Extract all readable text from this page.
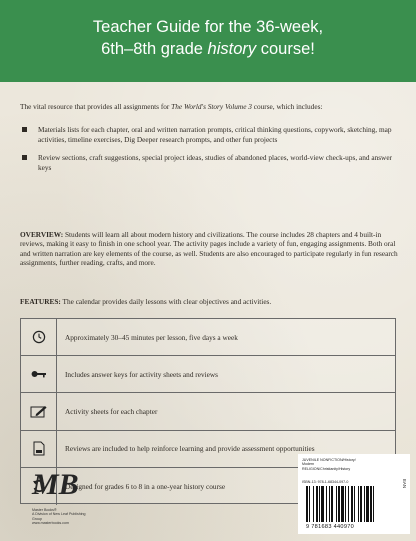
Teacher Guide for the 36-week,
6th–8th grade history course!

The vital resource that provides all assignments for The World's Story Volume 3 course, which includes:

Materials lists for each chapter, oral and written narration prompts, critical thinking questions, copywork, sketching, map activities, timeline exercises, Dig Deeper research prompts, and other fun projects
Review sections, craft suggestions, special project ideas, studies of abandoned places, world-view check-ups, and answer keys

OVERVIEW: Students will learn all about modern history and civilizations. The course includes 28 chapters and 4 built-in reviews, making it easy to finish in one school year. The activity pages include a variety of fun, engaging assignments. Both oral and written narration are key elements of the course, as well. Students are also encouraged to participate regularly in fun research assignments, further reading, crafts, and more.

FEATURES: The calendar provides daily lessons with clear objectives and activities.

Approximately 30–45 minutes per lesson, five days a week
Includes answer keys for activity sheets and reviews
Activity sheets for each chapter
Reviews are included to help reinforce learning and provide assessment opportunities
Designed for grades 6 to 8 in a one-year history course
MB
Master Books®
A Division of New Leaf Publishing Group
www.masterbooks.com
JUVENILE NONFICTION/History/
Modern
RELIGION/Christianity/History
ISBN-13: 978-1-68344-097-0	EAN
9 781683 440970
